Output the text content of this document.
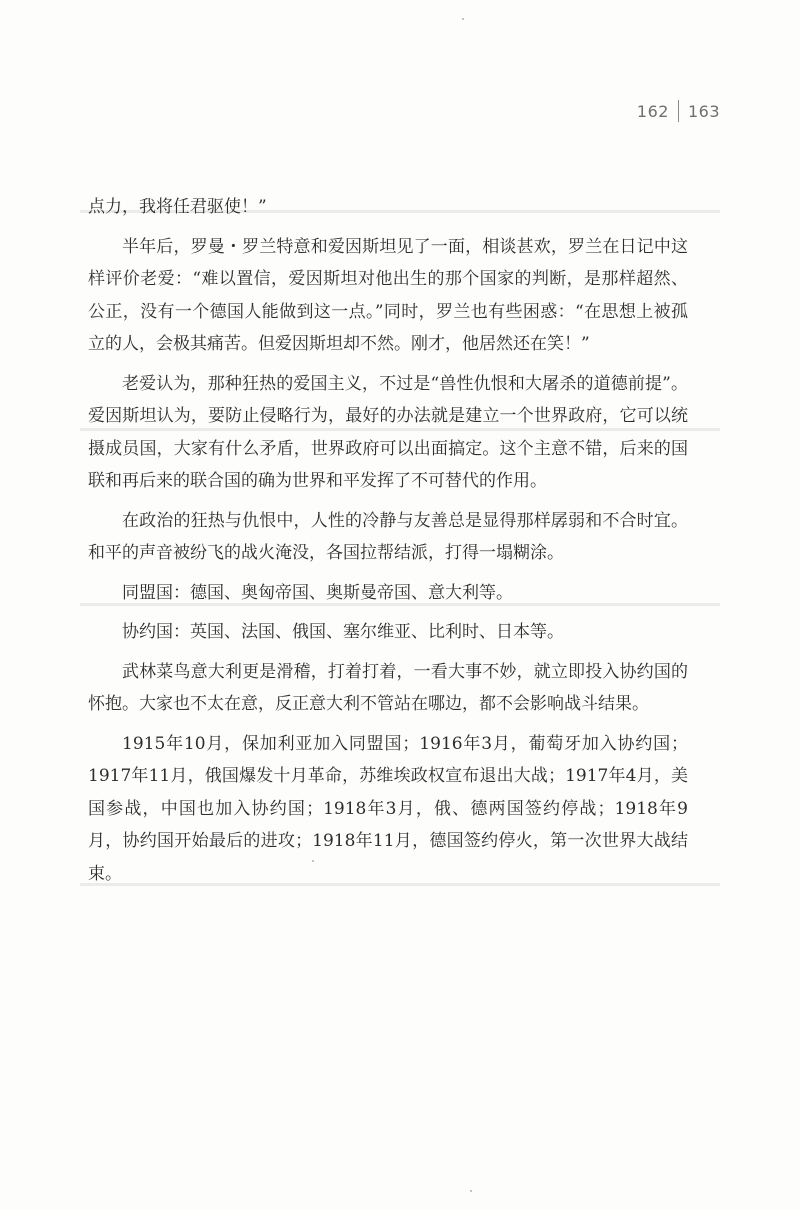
162 163

点力，我将任君驱使！”

半年后，罗曼・罗兰特意和爱因斯坦见了一面，相谈甚欢，罗兰在日记中这样评价老爱：“难以置信，爱因斯坦对他出生的那个国家的判断，是那样超然、公正，没有一个德国人能做到这一点。”同时，罗兰也有些困惑：“在思想上被孤立的人，会极其痛苦。但爱因斯坦却不然。刚才，他居然还在笑！”

老爱认为，那种狂热的爱国主义，不过是“兽性仇恨和大屠杀的道德前提”。爱因斯坦认为，要防止侵略行为，最好的办法就是建立一个世界政府，它可以统摄成员国，大家有什么矛盾，世界政府可以出面搞定。这个主意不错，后来的国联和再后来的联合国的确为世界和平发挥了不可替代的作用。

在政治的狂热与仇恨中，人性的冷静与友善总是显得那样孱弱和不合时宜。和平的声音被纷飞的战火淹没，各国拉帮结派，打得一塌糊涂。

同盟国：德国、奥匈帝国、奥斯曼帝国、意大利等。

协约国：英国、法国、俄国、塞尔维亚、比利时、日本等。

武林菜鸟意大利更是滑稽，打着打着，一看大事不妙，就立即投入协约国的怀抱。大家也不太在意，反正意大利不管站在哪边，都不会影响战斗结果。

1915年10月，保加利亚加入同盟国；1916年3月，葡萄牙加入协约国；1917年11月，俄国爆发十月革命，苏维埃政权宣布退出大战；1917年4月，美国参战，中国也加入协约国；1918年3月，俄、德两国签约停战；1918年9月，协约国开始最后的进攻；1918年11月，德国签约停火，第一次世界大战结束。
